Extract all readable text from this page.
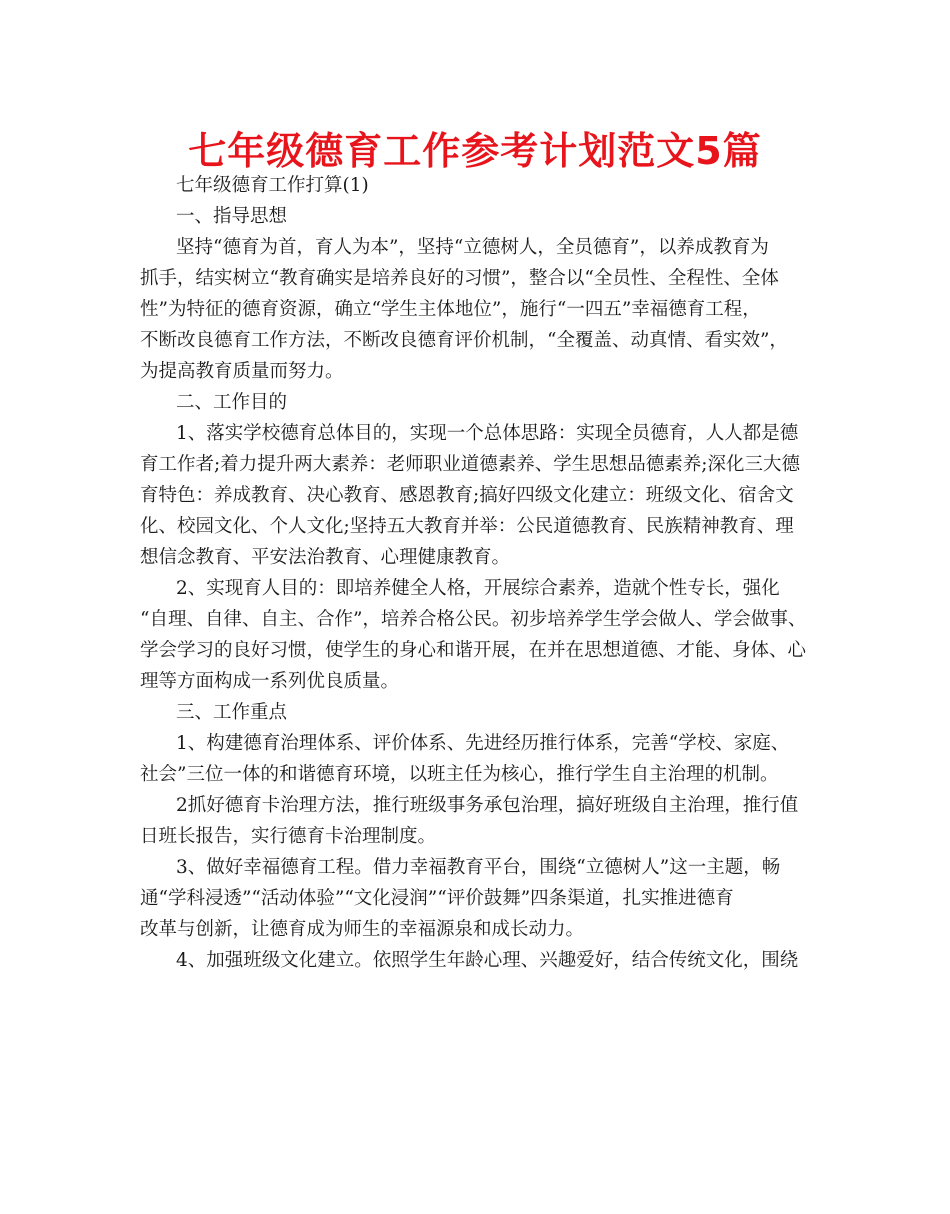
七年级德育工作参考计划范文5篇
七年级德育工作打算(1)
一、指导思想
坚持“德育为首，育人为本”，坚持“立德树人，全员德育”，以养成教育为
抓手，结实树立“教育确实是培养良好的习惯”，整合以“全员性、全程性、全体
性”为特征的德育资源，确立“学生主体地位”，施行“一四五”幸福德育工程，
不断改良德育工作方法，不断改良德育评价机制，“全覆盖、动真情、看实效”，
为提高教育质量而努力。
二、工作目的
1、落实学校德育总体目的，实现一个总体思路：实现全员德育，人人都是德
育工作者;着力提升两大素养：老师职业道德素养、学生思想品德素养;深化三大德
育特色：养成教育、决心教育、感恩教育;搞好四级文化建立：班级文化、宿舍文
化、校园文化、个人文化;坚持五大教育并举：公民道德教育、民族精神教育、理
想信念教育、平安法治教育、心理健康教育。
2、实现育人目的：即培养健全人格，开展综合素养，造就个性专长，强化
“自理、自律、自主、合作”，培养合格公民。初步培养学生学会做人、学会做事、
学会学习的良好习惯，使学生的身心和谐开展，在并在思想道德、才能、身体、心
理等方面构成一系列优良质量。
三、工作重点
1、构建德育治理体系、评价体系、先进经历推行体系，完善“学校、家庭、
社会”三位一体的和谐德育环境，以班主任为核心，推行学生自主治理的机制。
2抓好德育卡治理方法，推行班级事务承包治理，搞好班级自主治理，推行值
日班长报告，实行德育卡治理制度。
3、做好幸福德育工程。借力幸福教育平台，围绕“立德树人”这一主题，畅
通“学科浸透”“活动体验”“文化浸润”“评价鼓舞”四条渠道，扎实推进德育
改革与创新，让德育成为师生的幸福源泉和成长动力。
4、加强班级文化建立。依照学生年龄心理、兴趣爱好，结合传统文化，围绕
